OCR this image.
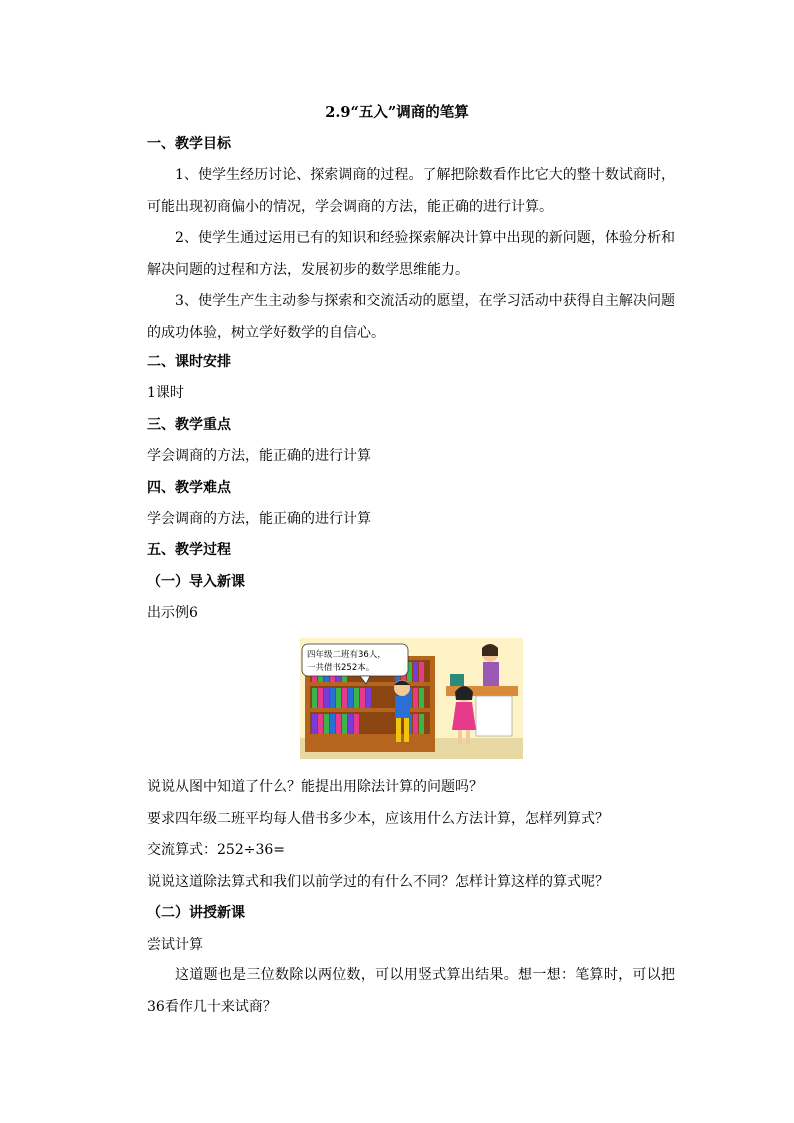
2.9“五入”调商的笔算
一、教学目标
1、使学生经历讨论、探索调商的过程。了解把除数看作比它大的整十数试商时，可能出现初商偏小的情况，学会调商的方法，能正确的进行计算。
2、使学生通过运用已有的知识和经验探索解决计算中出现的新问题，体验分析和解决问题的过程和方法，发展初步的数学思维能力。
3、使学生产生主动参与探索和交流活动的愿望，在学习活动中获得自主解决问题的成功体验，树立学好数学的自信心。
二、课时安排
1课时
三、教学重点
学会调商的方法，能正确的进行计算
四、教学难点
学会调商的方法，能正确的进行计算
五、教学过程
（一）导入新课
出示例6
四年级二班有36人，
一共借书252本。
说说从图中知道了什么？能提出用除法计算的问题吗？
要求四年级二班平均每人借书多少本，应该用什么方法计算，怎样列算式？
交流算式：252÷36=
说说这道除法算式和我们以前学过的有什么不同？怎样计算这样的算式呢？
（二）讲授新课
尝试计算
这道题也是三位数除以两位数，可以用竖式算出结果。想一想：笔算时，可以把36看作几十来试商？
